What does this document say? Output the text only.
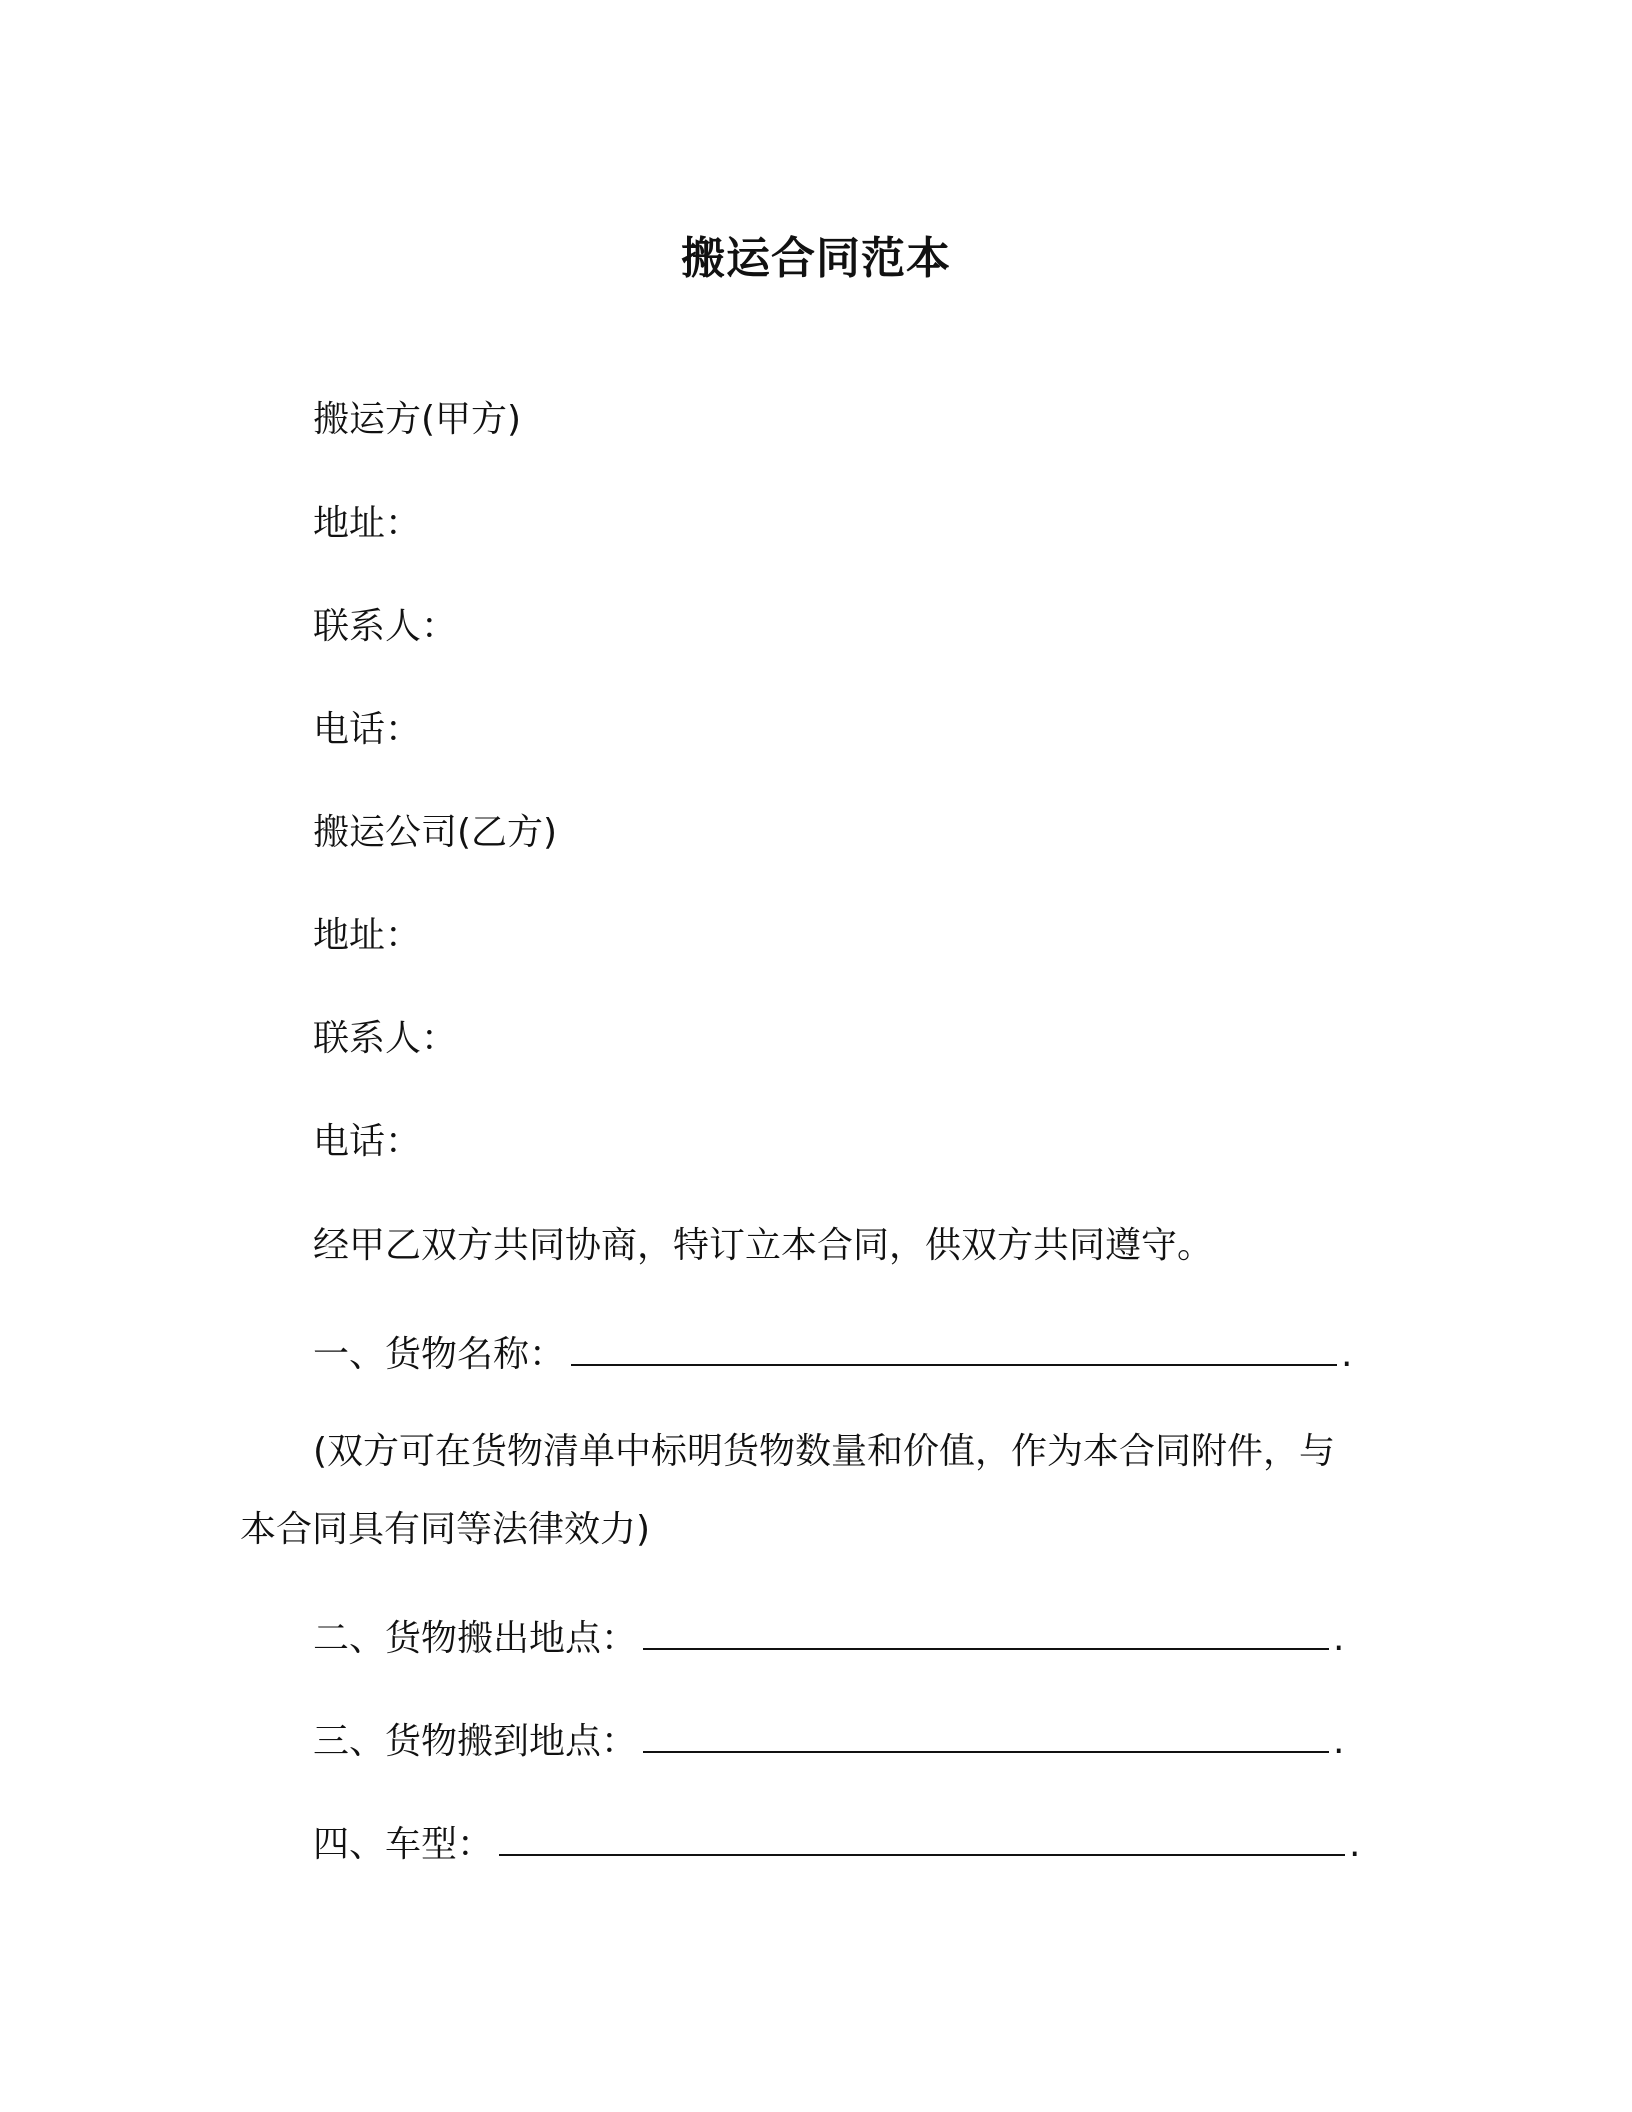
搬运合同范本
搬运方(甲方)
地址：
联系人：
电话：
搬运公司(乙方)
地址：
联系人：
电话：
经甲乙双方共同协商，特订立本合同，供双方共同遵守。
一、货物名称：	.
(双方可在货物清单中标明货物数量和价值，作为本合同附件，与
本合同具有同等法律效力)
二、货物搬出地点：	.
三、货物搬到地点：	.
四、车型：	.
